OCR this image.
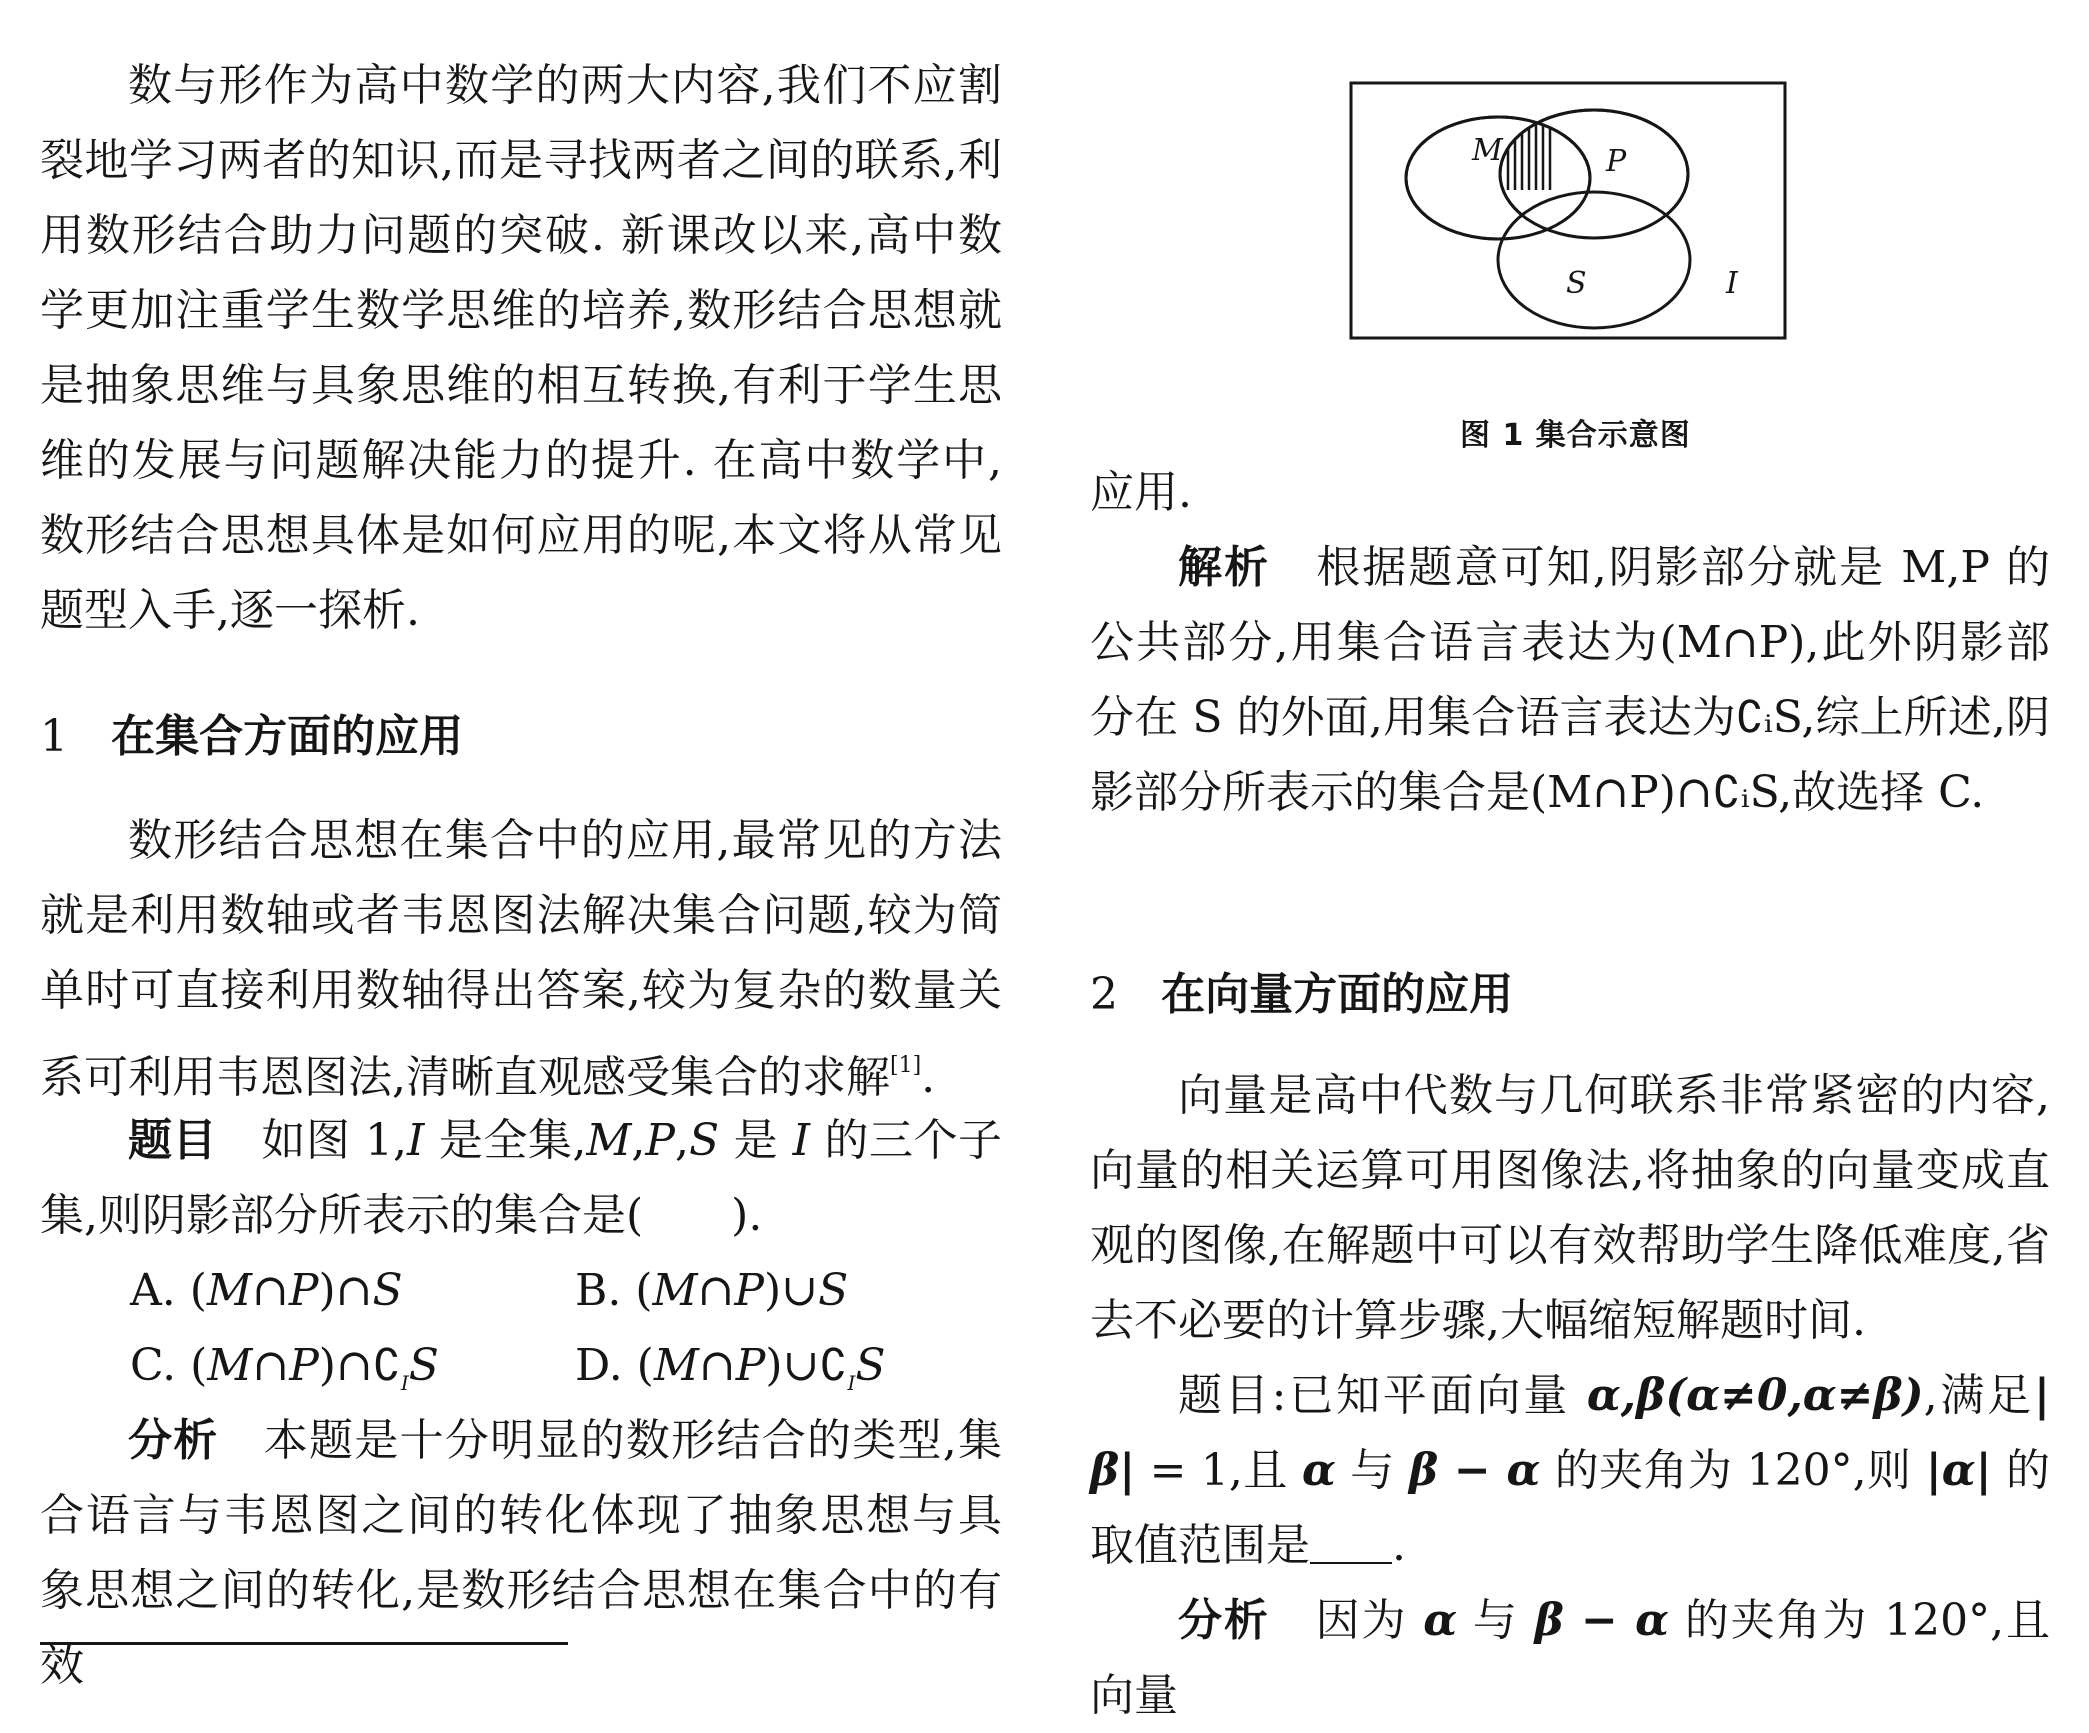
数与形作为高中数学的两大内容,我们不应割裂地学习两者的知识,而是寻找两者之间的联系,利用数形结合助力问题的突破. 新课改以来,高中数学更加注重学生数学思维的培养,数形结合思想就是抽象思维与具象思维的相互转换,有利于学生思维的发展与问题解决能力的提升. 在高中数学中,数形结合思想具体是如何应用的呢,本文将从常见题型入手,逐一探析.

1 在集合方面的应用

数形结合思想在集合中的应用,最常见的方法就是利用数轴或者韦恩图法解决集合问题,较为简单时可直接利用数轴得出答案,较为复杂的数量关系可利用韦恩图法,清晰直观感受集合的求解[1].

题目　 如图 1,I 是全集,M,P,S 是 I 的三个子集,则阴影部分所表示的集合是(　　).

A. (M∩P)∩S	B. (M∩P)∪S
C. $(M\cap P)\cap∁_IS$	D. $(M\cap P)\cup∁_IS$

分析　 本题是十分明显的数形结合的类型,集合语言与韦恩图之间的转化体现了抽象思想与具象思想之间的转化,是数形结合思想在集合中的有效

M	P
S	I
图 1 集合示意图

应用.

解析　 根据题意可知,阴影部分就是 M,P 的公共部分,用集合语言表达为(M∩P),此外阴影部分在 S 的外面,用集合语言表达为∁ᵢS,综上所述,阴影部分所表示的集合是(M∩P)∩∁ᵢS,故选择 C.

2 在向量方面的应用

向量是高中代数与几何联系非常紧密的内容,向量的相关运算可用图像法,将抽象的向量变成直观的图像,在解题中可以有效帮助学生降低难度,省去不必要的计算步骤,大幅缩短解题时间.

题目:已知平面向量 α,β(α≠0,α≠β),满足|β| = 1,且 α 与 β − α 的夹角为 120°,则 |α| 的取值范围是 .

分析　 因为 α 与 β − α 的夹角为 120°,且向量
